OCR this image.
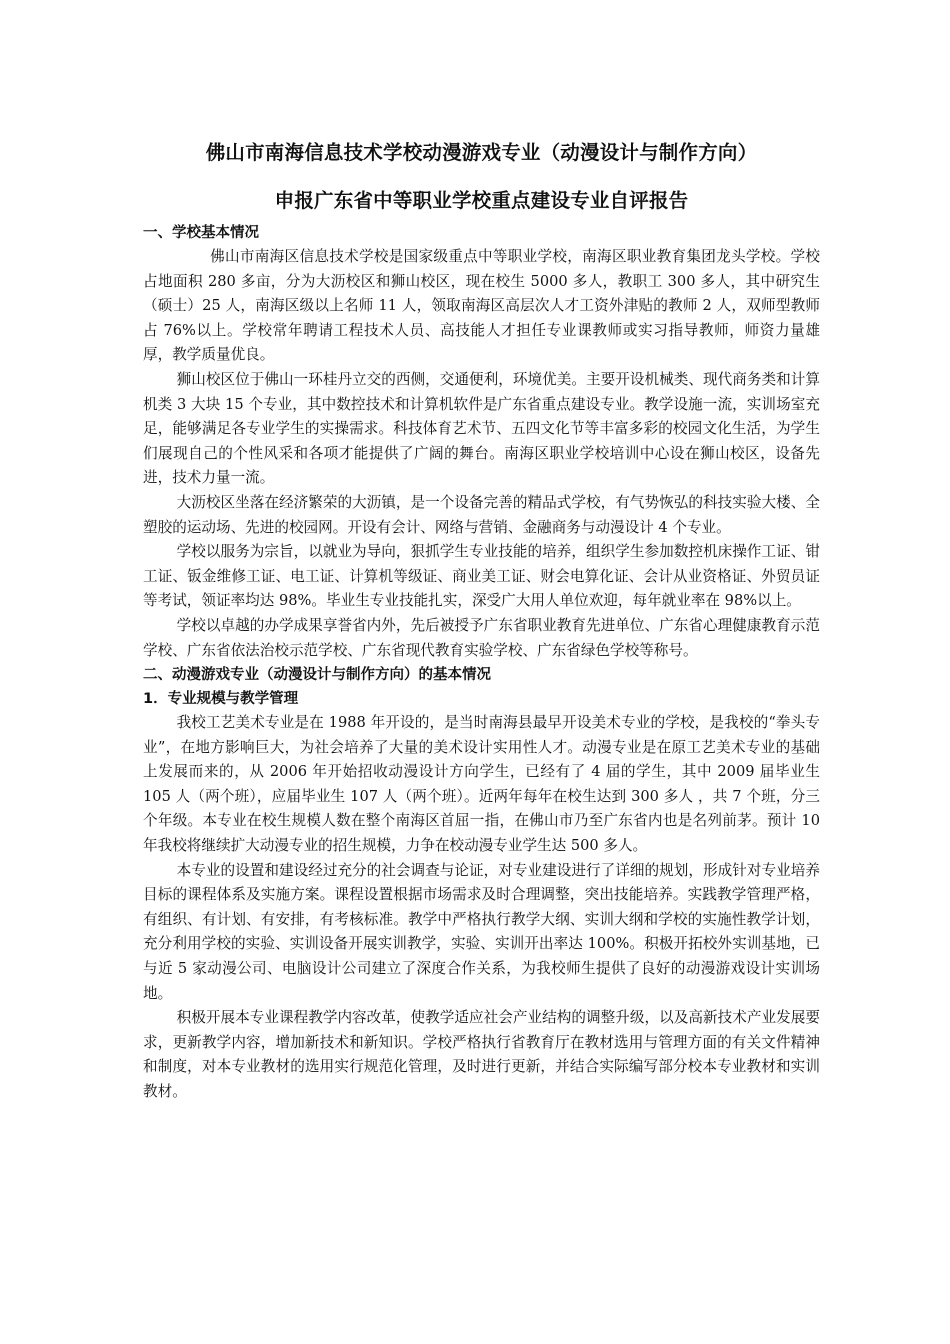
佛山市南海信息技术学校动漫游戏专业（动漫设计与制作方向）

申报广东省中等职业学校重点建设专业自评报告

一、学校基本情况

佛山市南海区信息技术学校是国家级重点中等职业学校，南海区职业教育集团龙头学校。学校占地面积 280 多亩，分为大沥校区和狮山校区，现在校生 5000 多人，教职工 300 多人，其中研究生（硕士）25 人，南海区级以上名师 11 人，领取南海区高层次人才工资外津贴的教师 2 人，双师型教师占 76%以上。学校常年聘请工程技术人员、高技能人才担任专业课教师或实习指导教师，师资力量雄厚，教学质量优良。

狮山校区位于佛山一环桂丹立交的西侧，交通便利，环境优美。主要开设机械类、现代商务类和计算机类 3 大块 15 个专业，其中数控技术和计算机软件是广东省重点建设专业。教学设施一流，实训场室充足，能够满足各专业学生的实操需求。科技体育艺术节、五四文化节等丰富多彩的校园文化生活，为学生们展现自己的个性风采和各项才能提供了广阔的舞台。南海区职业学校培训中心设在狮山校区，设备先进，技术力量一流。

大沥校区坐落在经济繁荣的大沥镇，是一个设备完善的精品式学校，有气势恢弘的科技实验大楼、全塑胶的运动场、先进的校园网。开设有会计、网络与营销、金融商务与动漫设计 4 个专业。

学校以服务为宗旨，以就业为导向，狠抓学生专业技能的培养，组织学生参加数控机床操作工证、钳工证、钣金维修工证、电工证、计算机等级证、商业美工证、财会电算化证、会计从业资格证、外贸员证等考试，领证率均达 98%。毕业生专业技能扎实，深受广大用人单位欢迎，每年就业率在 98%以上。

学校以卓越的办学成果享誉省内外，先后被授予广东省职业教育先进单位、广东省心理健康教育示范学校、广东省依法治校示范学校、广东省现代教育实验学校、广东省绿色学校等称号。

二、动漫游戏专业（动漫设计与制作方向）的基本情况

1．专业规模与教学管理

我校工艺美术专业是在 1988 年开设的，是当时南海县最早开设美术专业的学校，是我校的“拳头专业”，在地方影响巨大，为社会培养了大量的美术设计实用性人才。动漫专业是在原工艺美术专业的基础上发展而来的，从 2006 年开始招收动漫设计方向学生，已经有了 4 届的学生，其中 2009 届毕业生 105 人（两个班），应届毕业生 107 人（两个班）。近两年每年在校生达到 300 多人 ，共 7 个班，分三个年级。本专业在校生规模人数在整个南海区首屈一指，在佛山市乃至广东省内也是名列前茅。预计 10 年我校将继续扩大动漫专业的招生规模，力争在校动漫专业学生达 500 多人。

本专业的设置和建设经过充分的社会调查与论证，对专业建设进行了详细的规划，形成针对专业培养目标的课程体系及实施方案。课程设置根据市场需求及时合理调整，突出技能培养。实践教学管理严格，有组织、有计划、有安排，有考核标准。教学中严格执行教学大纲、实训大纲和学校的实施性教学计划，充分利用学校的实验、实训设备开展实训教学，实验、实训开出率达 100%。积极开拓校外实训基地，已与近 5 家动漫公司、电脑设计公司建立了深度合作关系，为我校师生提供了良好的动漫游戏设计实训场地。

积极开展本专业课程教学内容改革，使教学适应社会产业结构的调整升级，以及高新技术产业发展要求，更新教学内容，增加新技术和新知识。学校严格执行省教育厅在教材选用与管理方面的有关文件精神和制度，对本专业教材的选用实行规范化管理，及时进行更新，并结合实际编写部分校本专业教材和实训教材。
